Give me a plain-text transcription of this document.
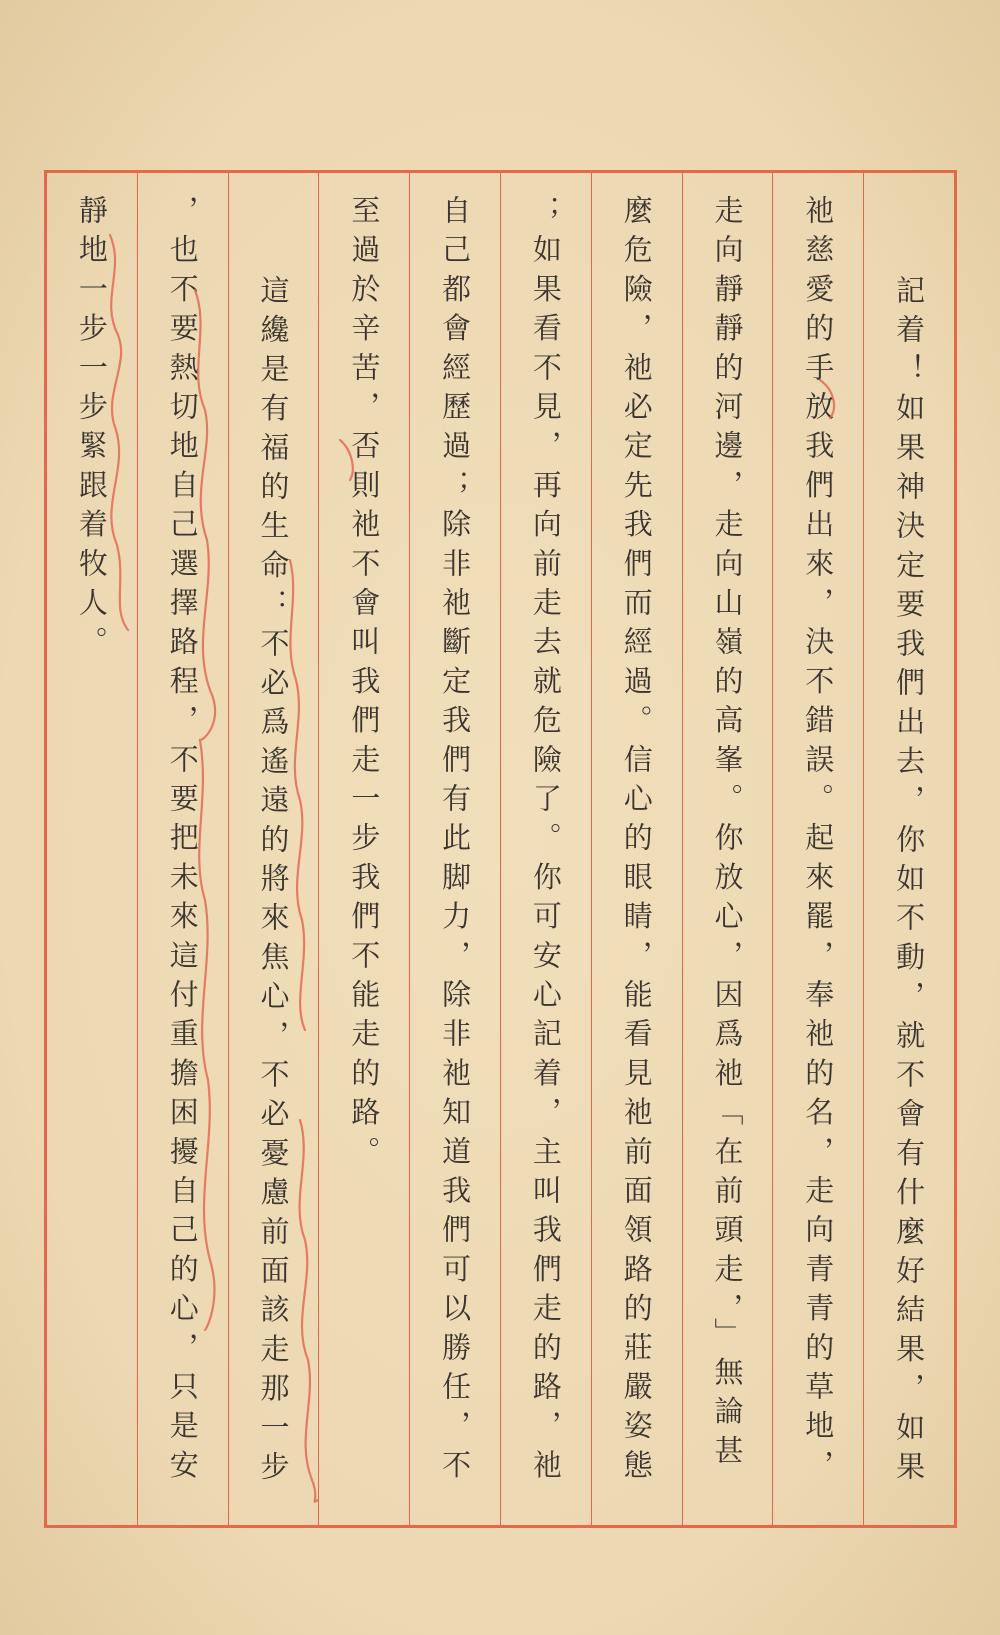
記着！如果神決定要我們出去，你如不動，就不會有什麼好結果，如果
祂慈愛的手放我們出來，決不錯誤。起來罷，奉祂的名，走向青青的草地，
走向靜靜的河邊，走向山嶺的高峯。你放心，因爲祂「在前頭走，」無論甚
麼危險，祂必定先我們而經過。信心的眼睛，能看見祂前面領路的莊嚴姿態
；如果看不見，再向前走去就危險了。你可安心記着，主叫我們走的路，祂
自己都會經歷過；除非祂斷定我們有此脚力，除非祂知道我們可以勝任，不
至過於辛苦，否則祂不會叫我們走一步我們不能走的路。
這纔是有福的生命：不必爲遙遠的將來焦心，不必憂慮前面該走那一步
，也不要熱切地自己選擇路程，不要把未來這付重擔困擾自己的心，只是安
靜地一步一步緊跟着牧人。
